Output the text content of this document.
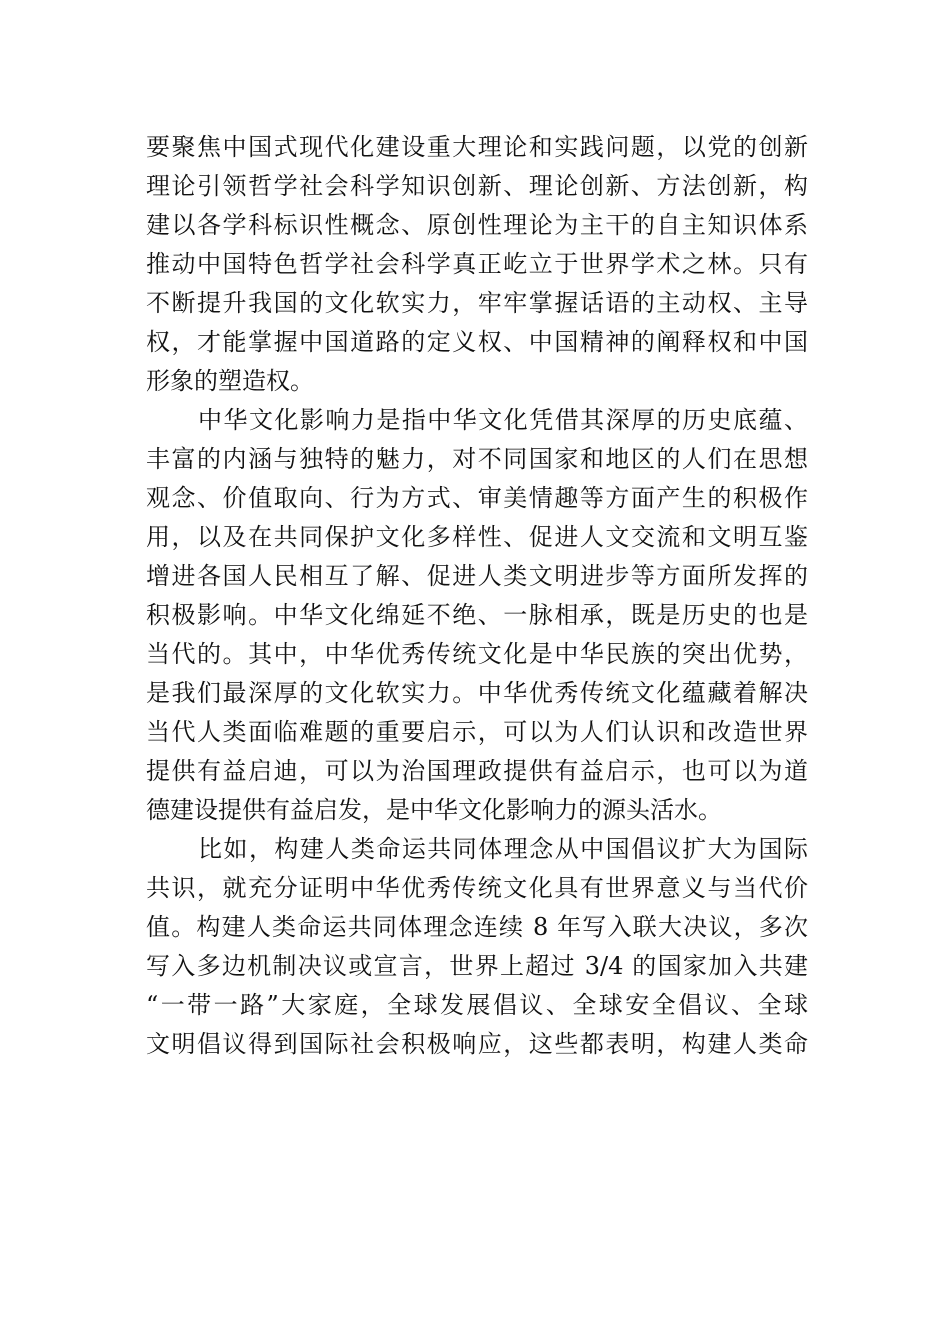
要聚焦中国式现代化建设重大理论和实践问题，以党的创新
理论引领哲学社会科学知识创新、理论创新、方法创新，构
建以各学科标识性概念、原创性理论为主干的自主知识体系
推动中国特色哲学社会科学真正屹立于世界学术之林。只有
不断提升我国的文化软实力，牢牢掌握话语的主动权、主导
权，才能掌握中国道路的定义权、中国精神的阐释权和中国
形象的塑造权。
中华文化影响力是指中华文化凭借其深厚的历史底蕴、
丰富的内涵与独特的魅力，对不同国家和地区的人们在思想
观念、价值取向、行为方式、审美情趣等方面产生的积极作
用，以及在共同保护文化多样性、促进人文交流和文明互鉴
增进各国人民相互了解、促进人类文明进步等方面所发挥的
积极影响。中华文化绵延不绝、一脉相承，既是历史的也是
当代的。其中，中华优秀传统文化是中华民族的突出优势，
是我们最深厚的文化软实力。中华优秀传统文化蕴藏着解决
当代人类面临难题的重要启示，可以为人们认识和改造世界
提供有益启迪，可以为治国理政提供有益启示，也可以为道
德建设提供有益启发，是中华文化影响力的源头活水。
比如，构建人类命运共同体理念从中国倡议扩大为国际
共识，就充分证明中华优秀传统文化具有世界意义与当代价
值。构建人类命运共同体理念连续 8 年写入联大决议，多次
写入多边机制决议或宣言，世界上超过 3/4 的国家加入共建
“一带一路”大家庭，全球发展倡议、全球安全倡议、全球
文明倡议得到国际社会积极响应，这些都表明，构建人类命
